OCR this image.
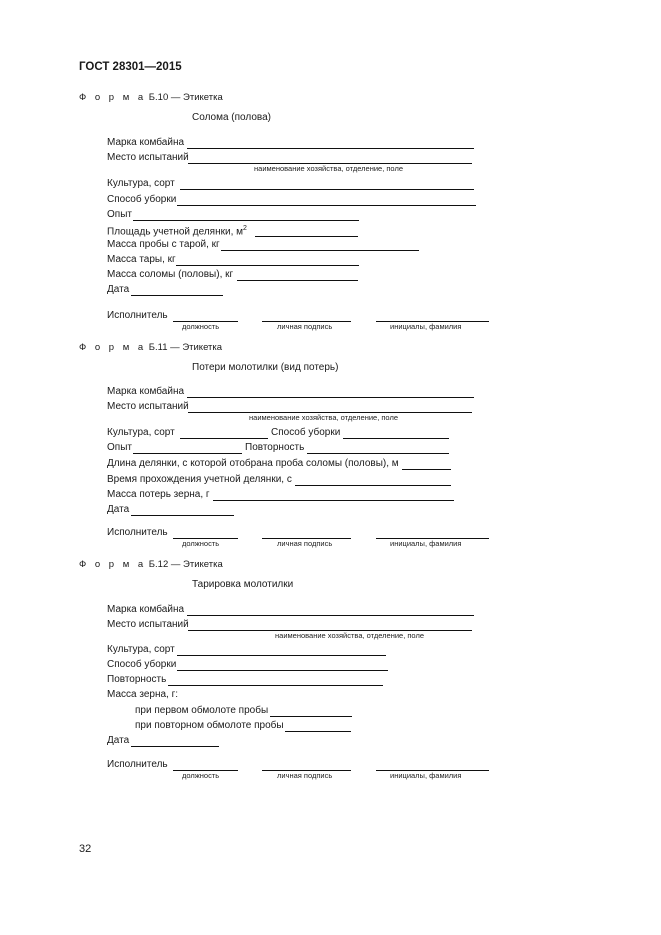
ГОСТ 28301—2015
Ф о р м а Б.10 — Этикетка
Солома (полова)
Марка комбайна
Место испытаний
наименование хозяйства, отделение, поле
Культура, сорт
Способ уборки
Опыт
Площадь учетной делянки, $м^2$
Масса пробы с тарой, кг
Масса тары, кг
Масса соломы (половы), кг
Дата
Исполнитель
должность	личная подпись	инициалы, фамилия
Ф о р м а Б.11 — Этикетка
Потери молотилки (вид потерь)
Марка комбайна
Место испытаний
наименование хозяйства, отделение, поле
Культура, сорт	Способ уборки
Опыт	Повторность
Длина делянки, с которой отобрана проба соломы (половы), м
Время прохождения учетной делянки, с
Масса потерь зерна, г
Дата
Исполнитель
должность	личная подпись	инициалы, фамилия
Ф о р м а Б.12 — Этикетка
Тарировка молотилки
Марка комбайна
Место испытаний
наименование хозяйства, отделение, поле
Культура, сорт
Способ уборки
Повторность
Масса зерна, г:
при первом обмолоте пробы
при повторном обмолоте пробы
Дата
Исполнитель
должность	личная подпись	инициалы, фамилия
32
